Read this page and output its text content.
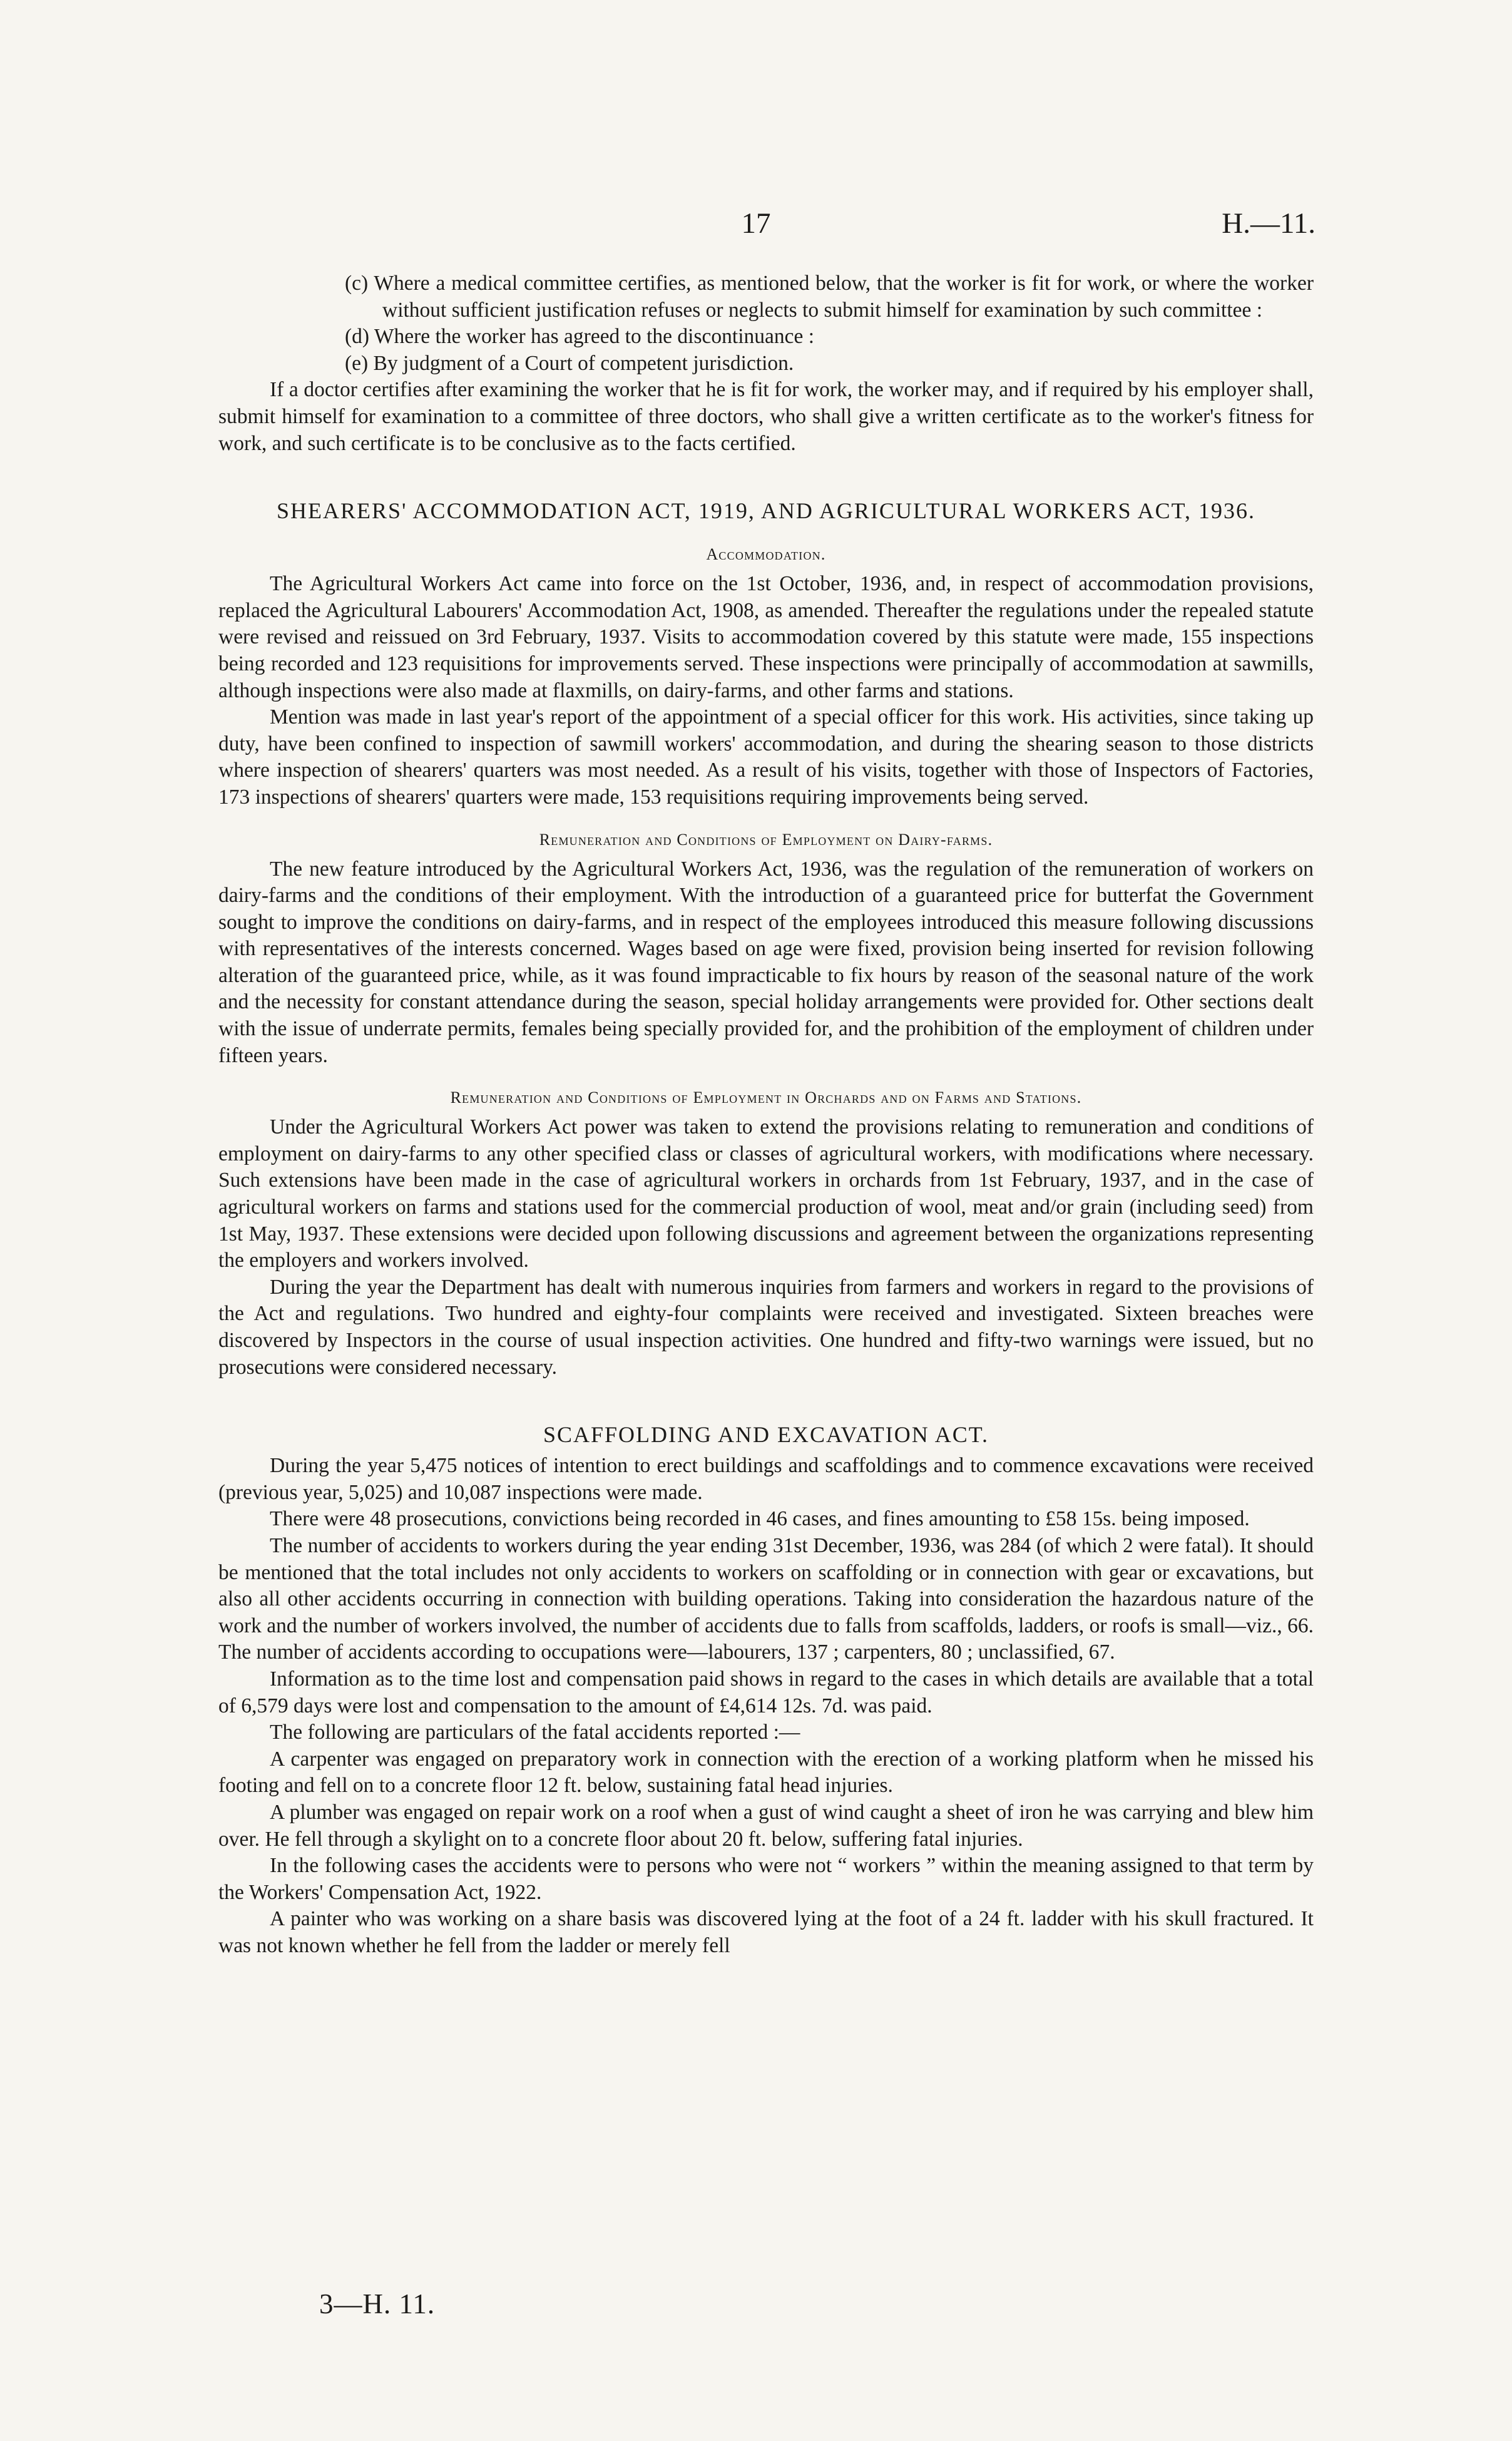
17	H.—11.

(c) Where a medical committee certifies, as mentioned below, that the worker is fit for work, or where the worker without sufficient justification refuses or neglects to submit himself for examination by such committee :

(d) Where the worker has agreed to the discontinuance :

(e) By judgment of a Court of competent jurisdiction.

If a doctor certifies after examining the worker that he is fit for work, the worker may, and if required by his employer shall, submit himself for examination to a committee of three doctors, who shall give a written certificate as to the worker's fitness for work, and such certificate is to be conclusive as to the facts certified.

SHEARERS' ACCOMMODATION ACT, 1919, AND AGRICULTURAL WORKERS ACT, 1936.
Accommodation.

The Agricultural Workers Act came into force on the 1st October, 1936, and, in respect of accommodation provisions, replaced the Agricultural Labourers' Accommodation Act, 1908, as amended. Thereafter the regulations under the repealed statute were revised and reissued on 3rd February, 1937. Visits to accommodation covered by this statute were made, 155 inspections being recorded and 123 requisitions for improvements served. These inspections were principally of accommodation at sawmills, although inspections were also made at flaxmills, on dairy-farms, and other farms and stations.

Mention was made in last year's report of the appointment of a special officer for this work. His activities, since taking up duty, have been confined to inspection of sawmill workers' accommodation, and during the shearing season to those districts where inspection of shearers' quarters was most needed. As a result of his visits, together with those of Inspectors of Factories, 173 inspections of shearers' quarters were made, 153 requisitions requiring improvements being served.

Remuneration and Conditions of Employment on Dairy-farms.

The new feature introduced by the Agricultural Workers Act, 1936, was the regulation of the remuneration of workers on dairy-farms and the conditions of their employment. With the introduction of a guaranteed price for butterfat the Government sought to improve the conditions on dairy-farms, and in respect of the employees introduced this measure following discussions with representatives of the interests concerned. Wages based on age were fixed, provision being inserted for revision following alteration of the guaranteed price, while, as it was found impracticable to fix hours by reason of the seasonal nature of the work and the necessity for constant attendance during the season, special holiday arrangements were provided for. Other sections dealt with the issue of underrate permits, females being specially provided for, and the prohibition of the employment of children under fifteen years.

Remuneration and Conditions of Employment in Orchards and on Farms and Stations.

Under the Agricultural Workers Act power was taken to extend the provisions relating to remuneration and conditions of employment on dairy-farms to any other specified class or classes of agricultural workers, with modifications where necessary. Such extensions have been made in the case of agricultural workers in orchards from 1st February, 1937, and in the case of agricultural workers on farms and stations used for the commercial production of wool, meat and/or grain (including seed) from 1st May, 1937. These extensions were decided upon following discussions and agreement between the organizations representing the employers and workers involved.

During the year the Department has dealt with numerous inquiries from farmers and workers in regard to the provisions of the Act and regulations. Two hundred and eighty-four complaints were received and investigated. Sixteen breaches were discovered by Inspectors in the course of usual inspection activities. One hundred and fifty-two warnings were issued, but no prosecutions were considered necessary.

SCAFFOLDING AND EXCAVATION ACT.

During the year 5,475 notices of intention to erect buildings and scaffoldings and to commence excavations were received (previous year, 5,025) and 10,087 inspections were made.

There were 48 prosecutions, convictions being recorded in 46 cases, and fines amounting to £58 15s. being imposed.

The number of accidents to workers during the year ending 31st December, 1936, was 284 (of which 2 were fatal). It should be mentioned that the total includes not only accidents to workers on scaffolding or in connection with gear or excavations, but also all other accidents occurring in connection with building operations. Taking into consideration the hazardous nature of the work and the number of workers involved, the number of accidents due to falls from scaffolds, ladders, or roofs is small—viz., 66. The number of accidents according to occupations were—labourers, 137 ; carpenters, 80 ; unclassified, 67.

Information as to the time lost and compensation paid shows in regard to the cases in which details are available that a total of 6,579 days were lost and compensation to the amount of £4,614 12s. 7d. was paid.

The following are particulars of the fatal accidents reported :—

A carpenter was engaged on preparatory work in connection with the erection of a working platform when he missed his footing and fell on to a concrete floor 12 ft. below, sustaining fatal head injuries.

A plumber was engaged on repair work on a roof when a gust of wind caught a sheet of iron he was carrying and blew him over. He fell through a skylight on to a concrete floor about 20 ft. below, suffering fatal injuries.

In the following cases the accidents were to persons who were not “ workers ” within the meaning assigned to that term by the Workers' Compensation Act, 1922.

A painter who was working on a share basis was discovered lying at the foot of a 24 ft. ladder with his skull fractured. It was not known whether he fell from the ladder or merely fell

3—H. 11.
